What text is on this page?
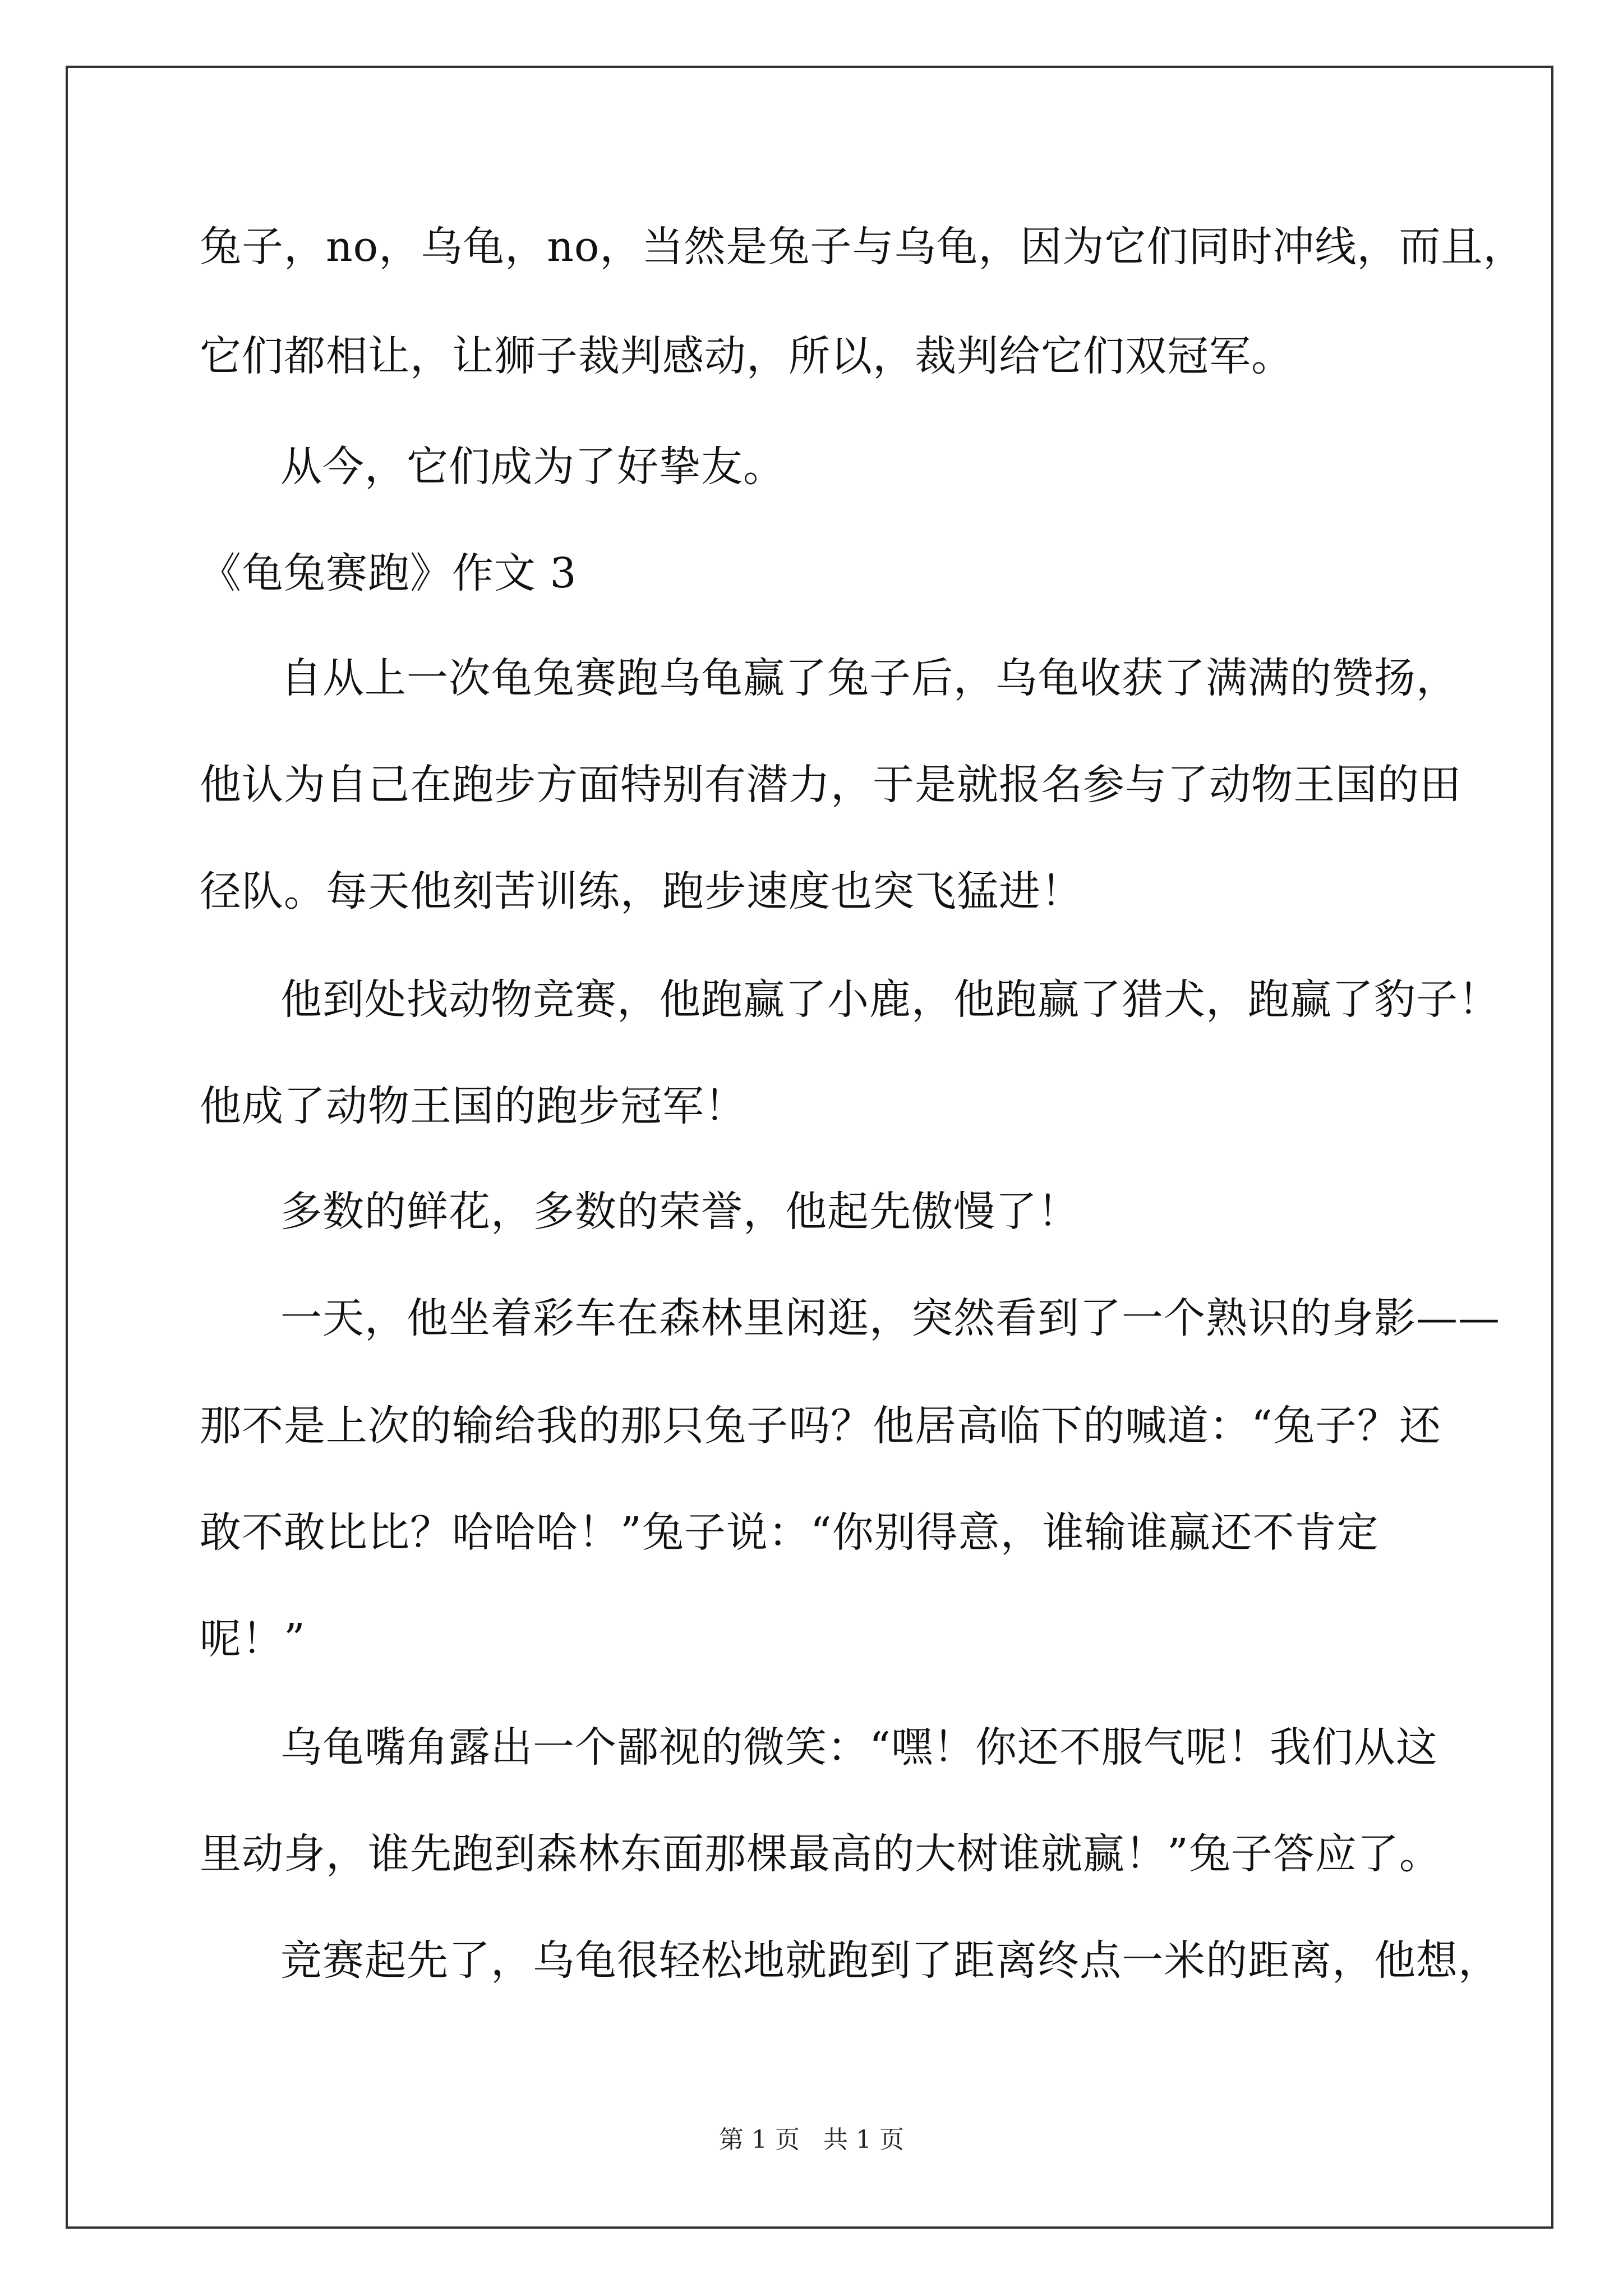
兔子，no，乌龟，no，当然是兔子与乌龟，因为它们同时冲线，而且，
它们都相让，让狮子裁判感动，所以，裁判给它们双冠军。
从今，它们成为了好挚友。
《龟兔赛跑》作文 3
自从上一次龟兔赛跑乌龟赢了兔子后，乌龟收获了满满的赞扬，
他认为自己在跑步方面特别有潜力，于是就报名参与了动物王国的田
径队。每天他刻苦训练，跑步速度也突飞猛进！
他到处找动物竞赛，他跑赢了小鹿，他跑赢了猎犬，跑赢了豹子！
他成了动物王国的跑步冠军！
多数的鲜花，多数的荣誉，他起先傲慢了！
一天，他坐着彩车在森林里闲逛，突然看到了一个熟识的身影——
那不是上次的输给我的那只兔子吗？他居高临下的喊道：“兔子？还
敢不敢比比？哈哈哈！”兔子说：“你别得意，谁输谁赢还不肯定
呢！”
乌龟嘴角露出一个鄙视的微笑：“嘿！你还不服气呢！我们从这
里动身，谁先跑到森林东面那棵最高的大树谁就赢！”兔子答应了。
竞赛起先了，乌龟很轻松地就跑到了距离终点一米的距离，他想，
第 1 页 共 1 页
